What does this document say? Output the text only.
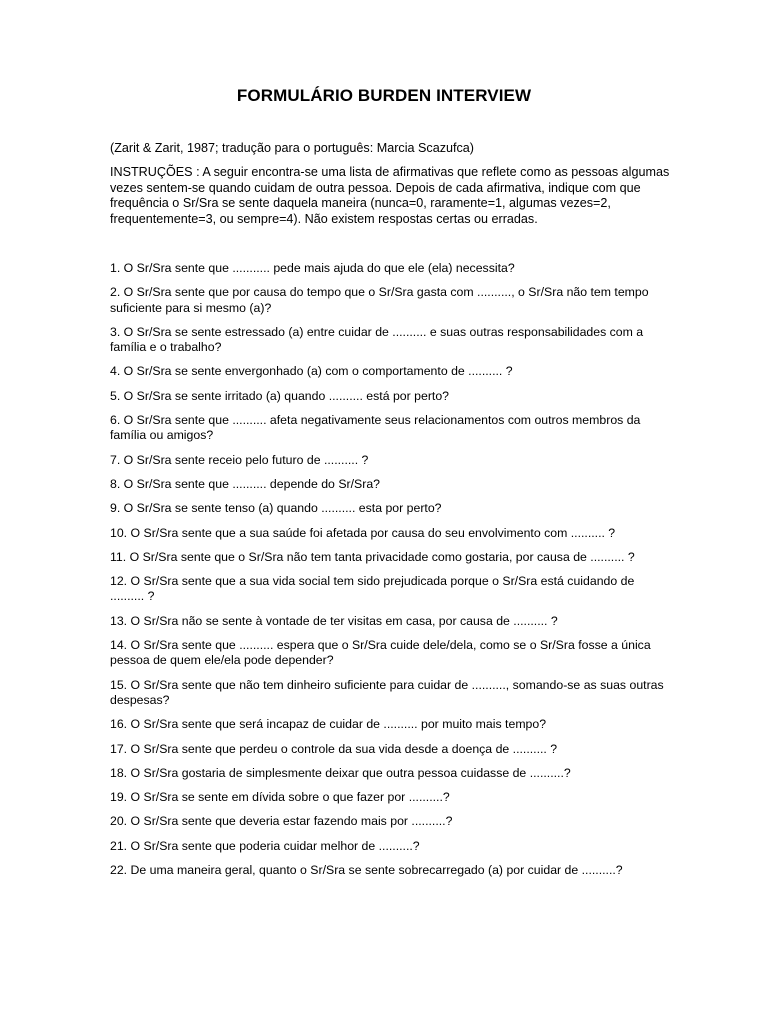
FORMULÁRIO BURDEN INTERVIEW
(Zarit & Zarit, 1987; tradução para o português: Marcia Scazufca)
INSTRUÇÕES : A seguir encontra-se uma lista de afirmativas que reflete como as pessoas algumas vezes sentem-se quando cuidam de outra pessoa. Depois de cada afirmativa, indique com que frequência o Sr/Sra se sente daquela maneira (nunca=0, raramente=1, algumas vezes=2, frequentemente=3, ou sempre=4). Não existem respostas certas ou erradas.
1. O Sr/Sra sente que ........... pede mais ajuda do que ele (ela) necessita?
2. O Sr/Sra sente que por causa do tempo que o Sr/Sra gasta com .........., o Sr/Sra não tem tempo suficiente para si mesmo (a)?
3. O Sr/Sra se sente estressado (a) entre cuidar de .......... e suas outras responsabilidades com a família e o trabalho?
4. O Sr/Sra se sente envergonhado (a) com o comportamento de .......... ?
5. O Sr/Sra se sente irritado (a) quando .......... está por perto?
6. O Sr/Sra sente que .......... afeta negativamente seus relacionamentos com outros membros da família ou amigos?
7. O Sr/Sra sente receio pelo futuro de .......... ?
8. O Sr/Sra sente que .......... depende do Sr/Sra?
9. O Sr/Sra se sente tenso (a) quando .......... esta por perto?
10. O Sr/Sra sente que a sua saúde foi afetada por causa do seu envolvimento com .......... ?
11. O Sr/Sra sente que o Sr/Sra não tem tanta privacidade como gostaria, por causa de .......... ?
12. O Sr/Sra sente que a sua vida social tem sido prejudicada porque o Sr/Sra está cuidando de .......... ?
13. O Sr/Sra não se sente à vontade de ter visitas em casa, por causa de .......... ?
14. O Sr/Sra sente que .......... espera que o Sr/Sra cuide dele/dela, como se o Sr/Sra fosse a única pessoa de quem ele/ela pode depender?
15. O Sr/Sra sente que não tem dinheiro suficiente para cuidar de .........., somando-se as suas outras despesas?
16. O Sr/Sra sente que será incapaz de cuidar de .......... por muito mais tempo?
17. O Sr/Sra sente que perdeu o controle da sua vida desde a doença de .......... ?
18. O Sr/Sra gostaria de simplesmente deixar que outra pessoa cuidasse de ..........?
19. O Sr/Sra se sente em dívida sobre o que fazer por ..........?
20. O Sr/Sra sente que deveria estar fazendo mais por ..........?
21. O Sr/Sra sente que poderia cuidar melhor de ..........?
22. De uma maneira geral, quanto o Sr/Sra se sente sobrecarregado (a) por cuidar de ..........?
